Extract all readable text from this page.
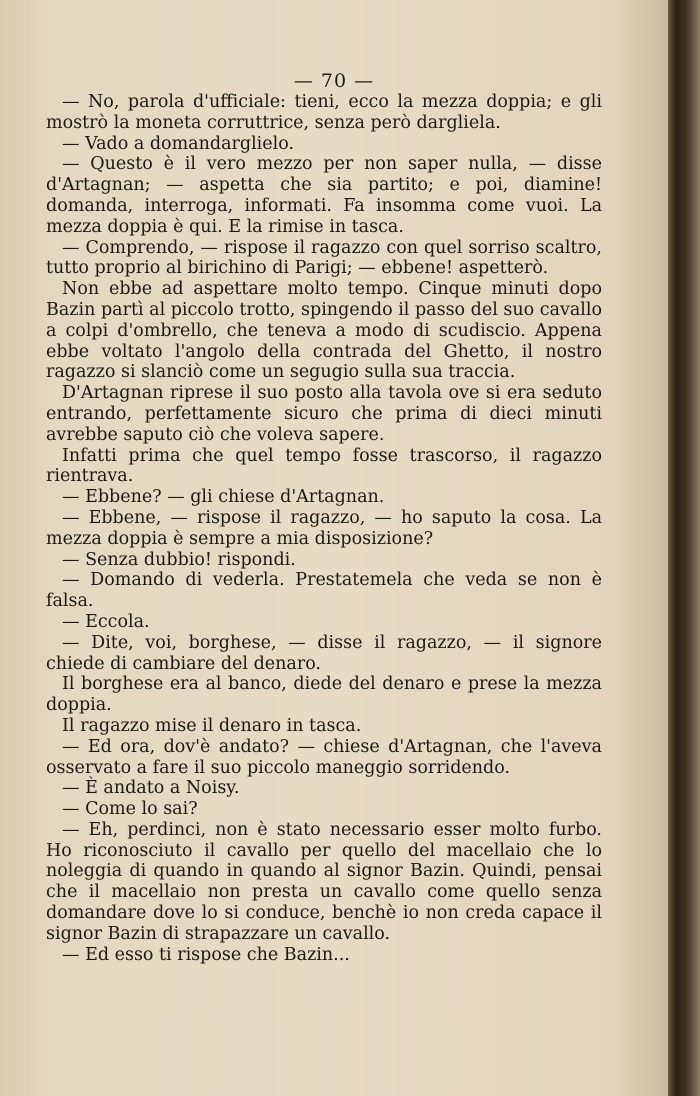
— 70 —

— No, parola d'ufficiale: tieni, ecco la mezza doppia; e gli mostrò la moneta corruttrice, senza però dargliela.

— Vado a domandarglielo.

— Questo è il vero mezzo per non saper nulla, — disse d'Artagnan; — aspetta che sia partito; e poi, diamine! domanda, interroga, informati. Fa insomma come vuoi. La mezza doppia è qui. E la rimise in tasca.

— Comprendo, — rispose il ragazzo con quel sorriso scaltro, tutto proprio al birichino di Parigi; — ebbene! aspetterò.

Non ebbe ad aspettare molto tempo. Cinque minuti dopo Bazin partì al piccolo trotto, spingendo il passo del suo cavallo a colpi d'ombrello, che teneva a modo di scudiscio. Appena ebbe voltato l'angolo della contrada del Ghetto, il nostro ragazzo si slanciò come un segugio sulla sua traccia.

D'Artagnan riprese il suo posto alla tavola ove si era seduto entrando, perfettamente sicuro che prima di dieci minuti avrebbe saputo ciò che voleva sapere.

Infatti prima che quel tempo fosse trascorso, il ragazzo rientrava.

— Ebbene? — gli chiese d'Artagnan.

— Ebbene, — rispose il ragazzo, — ho saputo la cosa. La mezza doppia è sempre a mia disposizione?

— Senza dubbio! rispondi.

— Domando di vederla. Prestatemela che veda se non è falsa.

— Eccola.

— Dite, voi, borghese, — disse il ragazzo, — il signore chiede di cambiare del denaro.

Il borghese era al banco, diede del denaro e prese la mezza doppia.

Il ragazzo mise il denaro in tasca.

— Ed ora, dov'è andato? — chiese d'Artagnan, che l'aveva osservato a fare il suo piccolo maneggio sorridendo.

— È andato a Noisy.

— Come lo sai?

— Eh, perdinci, non è stato necessario esser molto furbo. Ho riconosciuto il cavallo per quello del macellaio che lo noleggia di quando in quando al signor Bazin. Quindi, pensai che il macellaio non presta un cavallo come quello senza domandare dove lo si conduce, benchè io non creda capace il signor Bazin di strapazzare un cavallo.

— Ed esso ti rispose che Bazin...
